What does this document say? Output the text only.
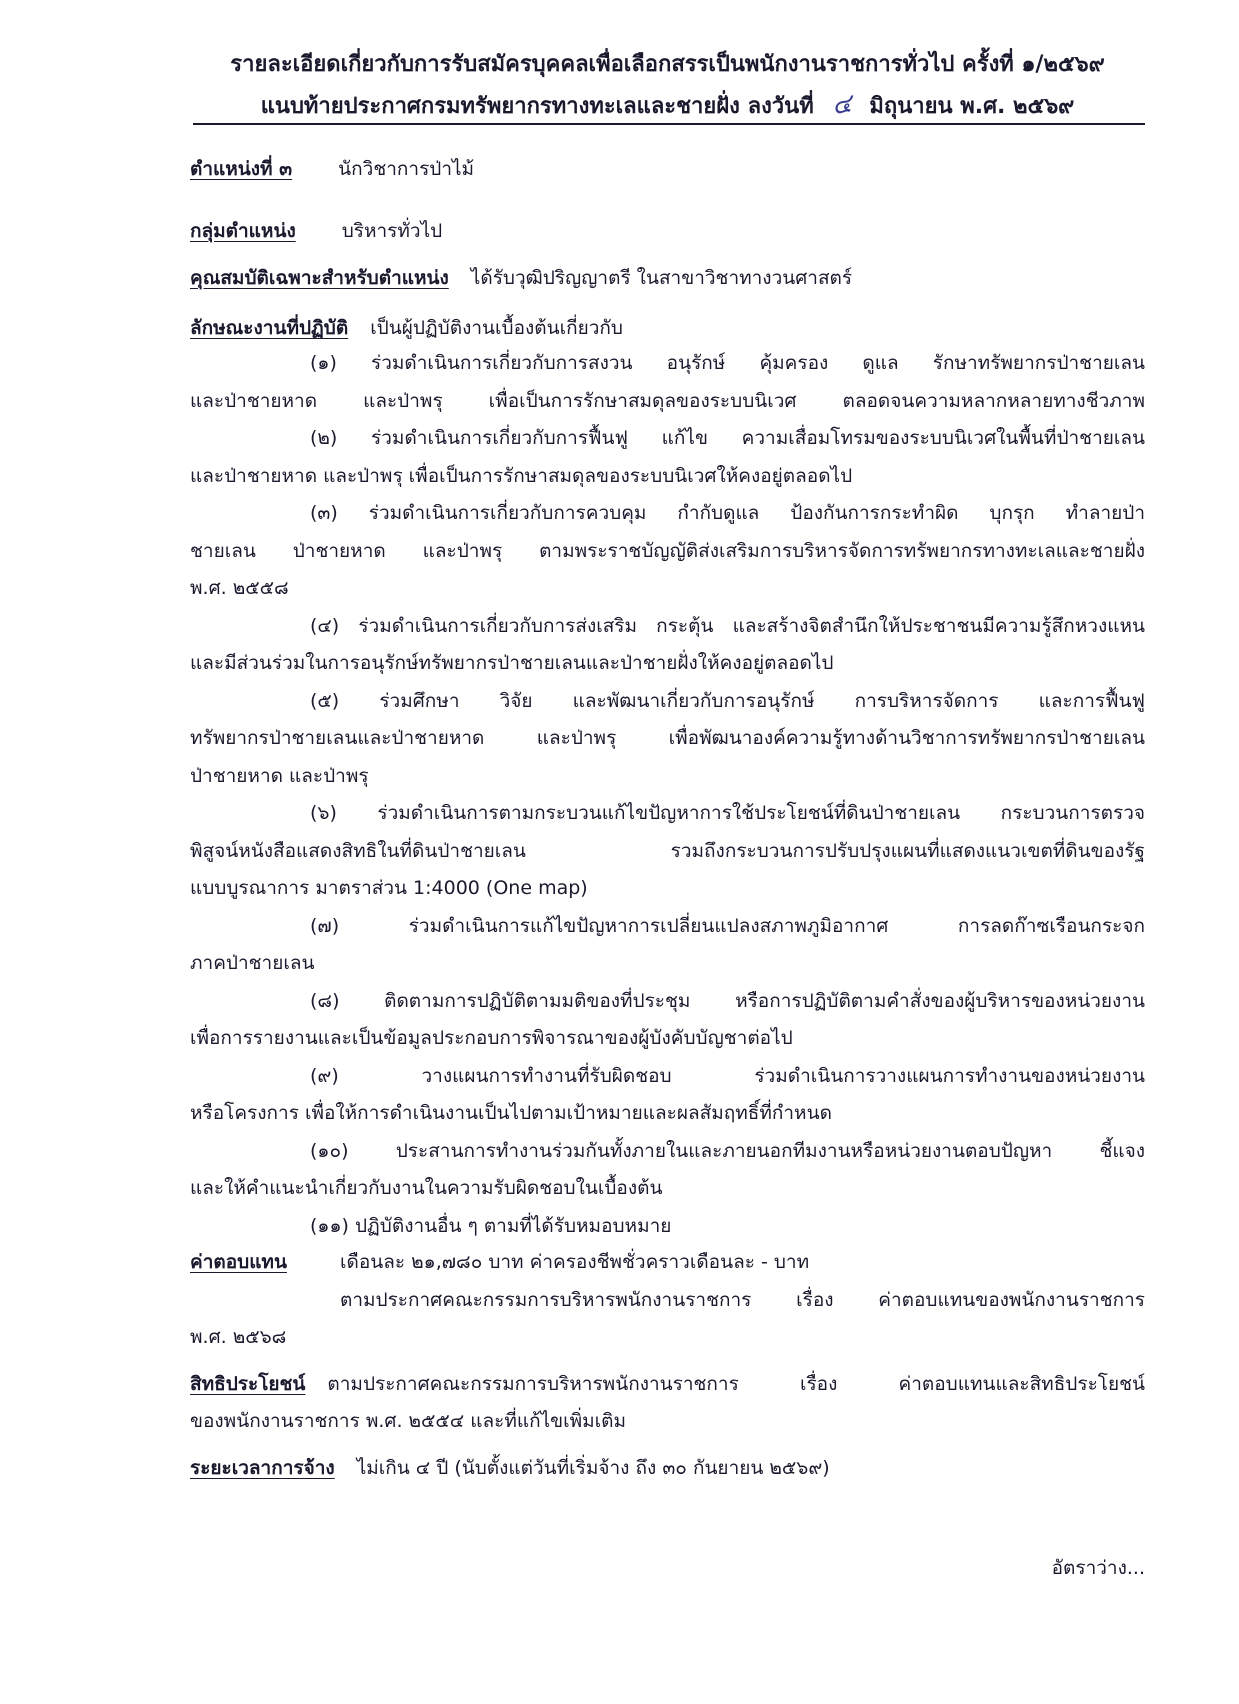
รายละเอียดเกี่ยวกับการรับสมัครบุคคลเพื่อเลือกสรรเป็นพนักงานราชการทั่วไป ครั้งที่ ๑/๒๕๖๙
แนบท้ายประกาศกรมทรัพยากรทางทะเลและชายฝั่ง ลงวันที่ ๔ มิถุนายน พ.ศ. ๒๕๖๙
ตำแหน่งที่ ๓ นักวิชาการป่าไม้
กลุ่มตำแหน่ง บริหารทั่วไป
คุณสมบัติเฉพาะสำหรับตำแหน่ง ได้รับวุฒิปริญญาตรี ในสาขาวิชาทางวนศาสตร์
ลักษณะงานที่ปฏิบัติ เป็นผู้ปฏิบัติงานเบื้องต้นเกี่ยวกับ
(๑) ร่วมดำเนินการเกี่ยวกับการสงวน อนุรักษ์ คุ้มครอง ดูแล รักษาทรัพยากรป่าชายเลน
และป่าชายหาด และป่าพรุ เพื่อเป็นการรักษาสมดุลของระบบนิเวศ ตลอดจนความหลากหลายทางชีวภาพ
(๒) ร่วมดำเนินการเกี่ยวกับการฟื้นฟู แก้ไข ความเสื่อมโทรมของระบบนิเวศในพื้นที่ป่าชายเลน
และป่าชายหาด และป่าพรุ เพื่อเป็นการรักษาสมดุลของระบบนิเวศให้คงอยู่ตลอดไป
(๓) ร่วมดำเนินการเกี่ยวกับการควบคุม กำกับดูแล ป้องกันการกระทำผิด บุกรุก ทำลายป่า
ชายเลน ป่าชายหาด และป่าพรุ ตามพระราชบัญญัติส่งเสริมการบริหารจัดการทรัพยากรทางทะเลและชายฝั่ง
พ.ศ. ๒๕๕๘
(๔) ร่วมดำเนินการเกี่ยวกับการส่งเสริม กระตุ้น และสร้างจิตสำนึกให้ประชาชนมีความรู้สึกหวงแหน
และมีส่วนร่วมในการอนุรักษ์ทรัพยากรป่าชายเลนและป่าชายฝั่งให้คงอยู่ตลอดไป
(๕) ร่วมศึกษา วิจัย และพัฒนาเกี่ยวกับการอนุรักษ์ การบริหารจัดการ และการฟื้นฟู
ทรัพยากรป่าชายเลนและป่าชายหาด และป่าพรุ เพื่อพัฒนาองค์ความรู้ทางด้านวิชาการทรัพยากรป่าชายเลน
ป่าชายหาด และป่าพรุ
(๖) ร่วมดำเนินการตามกระบวนแก้ไขปัญหาการใช้ประโยชน์ที่ดินป่าชายเลน กระบวนการตรวจ
พิสูจน์หนังสือแสดงสิทธิในที่ดินป่าชายเลน รวมถึงกระบวนการปรับปรุงแผนที่แสดงแนวเขตที่ดินของรัฐ
แบบบูรณาการ มาตราส่วน 1:4000 (One map)
(๗) ร่วมดำเนินการแก้ไขปัญหาการเปลี่ยนแปลงสภาพภูมิอากาศ การลดก๊าซเรือนกระจก
ภาคป่าชายเลน
(๘) ติดตามการปฏิบัติตามมติของที่ประชุม หรือการปฏิบัติตามคำสั่งของผู้บริหารของหน่วยงาน
เพื่อการรายงานและเป็นข้อมูลประกอบการพิจารณาของผู้บังคับบัญชาต่อไป
(๙) วางแผนการทำงานที่รับผิดชอบ ร่วมดำเนินการวางแผนการทำงานของหน่วยงาน
หรือโครงการ เพื่อให้การดำเนินงานเป็นไปตามเป้าหมายและผลสัมฤทธิ์ที่กำหนด
(๑๐) ประสานการทำงานร่วมกันทั้งภายในและภายนอกทีมงานหรือหน่วยงานตอบปัญหา ชี้แจง
และให้คำแนะนำเกี่ยวกับงานในความรับผิดชอบในเบื้องต้น
(๑๑) ปฏิบัติงานอื่น ๆ ตามที่ได้รับหมอบหมาย
ค่าตอบแทน	เดือนละ ๒๑,๗๘๐ บาท ค่าครองชีพชั่วคราวเดือนละ - บาท
ตามประกาศคณะกรรมการบริหารพนักงานราชการ เรื่อง ค่าตอบแทนของพนักงานราชการ
พ.ศ. ๒๕๖๘
สิทธิประโยชน์ ตามประกาศคณะกรรมการบริหารพนักงานราชการ เรื่อง ค่าตอบแทนและสิทธิประโยชน์
ของพนักงานราชการ พ.ศ. ๒๕๕๔ และที่แก้ไขเพิ่มเติม
ระยะเวลาการจ้าง ไม่เกิน ๔ ปี (นับตั้งแต่วันที่เริ่มจ้าง ถึง ๓๐ กันยายน ๒๕๖๙)
อัตราว่าง...
